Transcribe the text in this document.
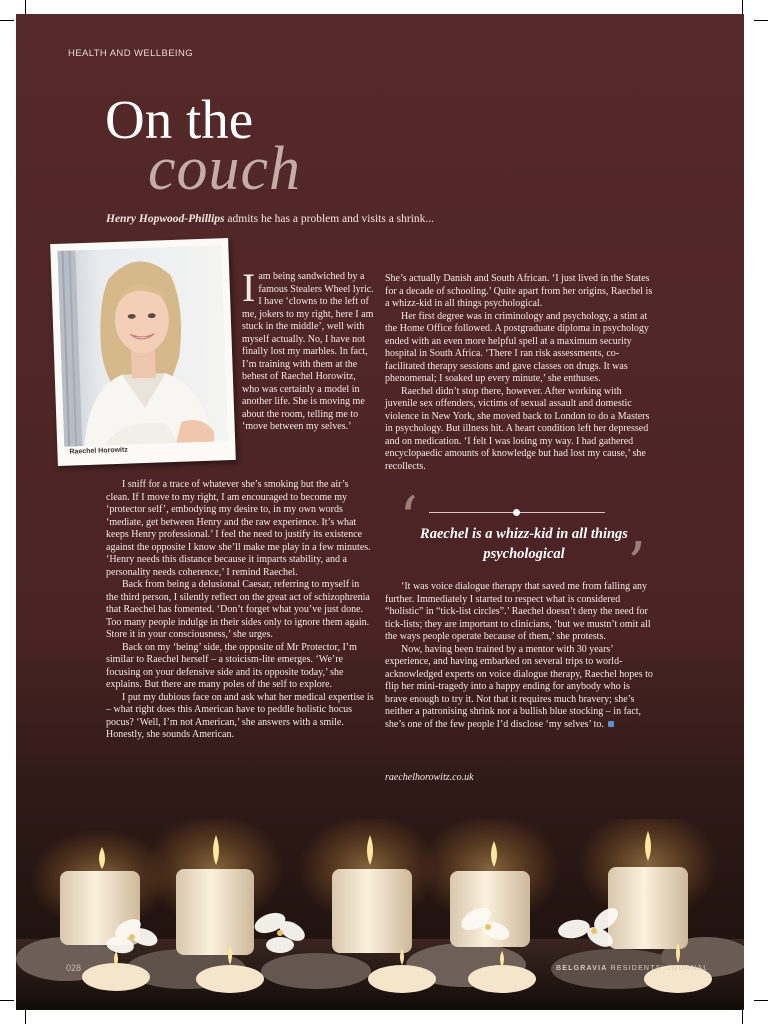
HEALTH AND WELLBEING
On the
couch
Henry Hopwood-Phillips admits he has a problem and visits a shrink...
Raechel Horowitz
I am being sandwiched by a famous Stealers Wheel lyric. I have ‘clowns to the left of me, jokers to my right, here I am stuck in the middle’, well with myself actually. No, I have not finally lost my marbles. In fact, I’m training with them at the behest of Raechel Horowitz, who was certainly a model in another life. She is moving me about the room, telling me to ‘move between my selves.’

I sniff for a trace of whatever she’s smoking but the air’s clean. If I move to my right, I am encouraged to become my ‘protector self’, embodying my desire to, in my own words ‘mediate, get between Henry and the raw experience. It’s what keeps Henry professional.’ I feel the need to justify its existence against the opposite I know she’ll make me play in a few minutes. ‘Henry needs this distance because it imparts stability, and a personality needs coherence,’ I remind Raechel.

Back from being a delusional Caesar, referring to myself in the third person, I silently reflect on the great act of schizophrenia that Raechel has fomented. ‘Don’t forget what you’ve just done. Too many people indulge in their sides only to ignore them again. Store it in your consciousness,’ she urges.

Back on my ‘being’ side, the opposite of Mr Protector, I’m similar to Raechel herself – a stoicism-lite emerges. ‘We’re focusing on your defensive side and its opposite today,’ she explains. But there are many poles of the self to explore.

I put my dubious face on and ask what her medical expertise is – what right does this American have to peddle holistic hocus pocus? ‘Well, I’m not American,’ she answers with a smile. Honestly, she sounds American.

She’s actually Danish and South African. ‘I just lived in the States for a decade of schooling.’ Quite apart from her origins, Raechel is a whizz-kid in all things psychological.

Her first degree was in criminology and psychology, a stint at the Home Office followed. A postgraduate diploma in psychology ended with an even more helpful spell at a maximum security hospital in South Africa. ‘There I ran risk assessments, co-facilitated therapy sessions and gave classes on drugs. It was phenomenal; I soaked up every minute,’ she enthuses.

Raechel didn’t stop there, however. After working with juvenile sex offenders, victims of sexual assault and domestic violence in New York, she moved back to London to do a Masters in psychology. But illness hit. A heart condition left her depressed and on medication. ‘I felt I was losing my way. I had gathered encyclopaedic amounts of knowledge but had lost my cause,’ she recollects.

‘ Raechel is a whizz-kid in all things psychological	’

‘It was voice dialogue therapy that saved me from falling any further. Immediately I started to respect what is considered “holistic” in “tick-list circles”.’ Raechel doesn’t deny the need for tick-lists; they are important to clinicians, ‘but we mustn’t omit all the ways people operate because of them,’ she protests.

Now, having been trained by a mentor with 30 years’ experience, and having embarked on several trips to world-acknowledged experts on voice dialogue therapy, Raechel hopes to flip her mini-tragedy into a happy ending for anybody who is brave enough to try it. Not that it requires much bravery; she’s neither a patronising shrink nor a bullish blue stocking – in fact, she’s one of the few people I’d disclose ‘my selves’ to.

raechelhorowitz.co.uk
028	BELGRAVIA RESIDENTS' JOURNAL
